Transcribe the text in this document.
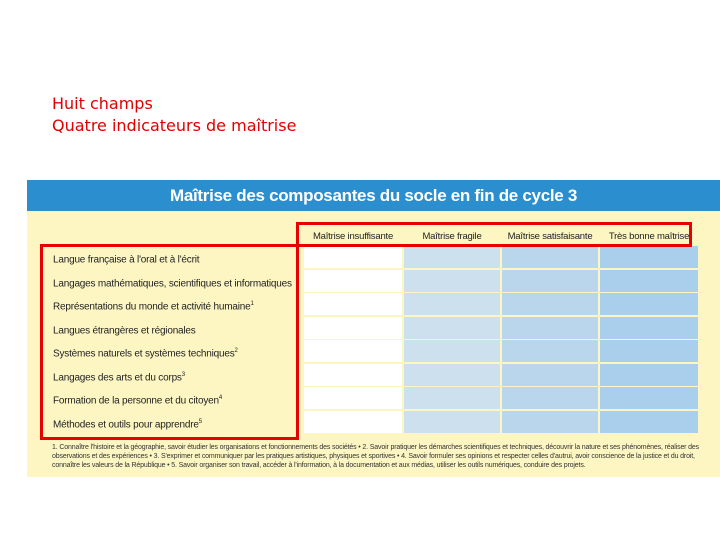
Huit champs
Quatre indicateurs de maîtrise
Maîtrise des composantes du socle en fin de cycle 3
Maîtrise insuffisante	Maîtrise fragile	Maîtrise satisfaisante	Très bonne maîtrise
Langue française à l'oral et à l'écrit
Langages mathématiques, scientifiques et informatiques
Représentations du monde et activité humaine$^1$
Langues étrangères et régionales
Systèmes naturels et systèmes techniques$^2$
Langages des arts et du corps$^3$
Formation de la personne et du citoyen$^4$
Méthodes et outils pour apprendre$^5$
1. Connaître l'histoire et la géographie, savoir étudier les organisations et fonctionnements des sociétés • 2. Savoir pratiquer les démarches scientifiques et techniques, découvrir la nature et ses phénomènes, réaliser des observations et des expériences • 3. S'exprimer et communiquer par les pratiques artistiques, physiques et sportives • 4. Savoir formuler ses opinions et respecter celles d'autrui, avoir conscience de la justice et du droit, connaître les valeurs de la République • 5. Savoir organiser son travail, accéder à l'information, à la documentation et aux médias, utiliser les outils numériques, conduire des projets.
